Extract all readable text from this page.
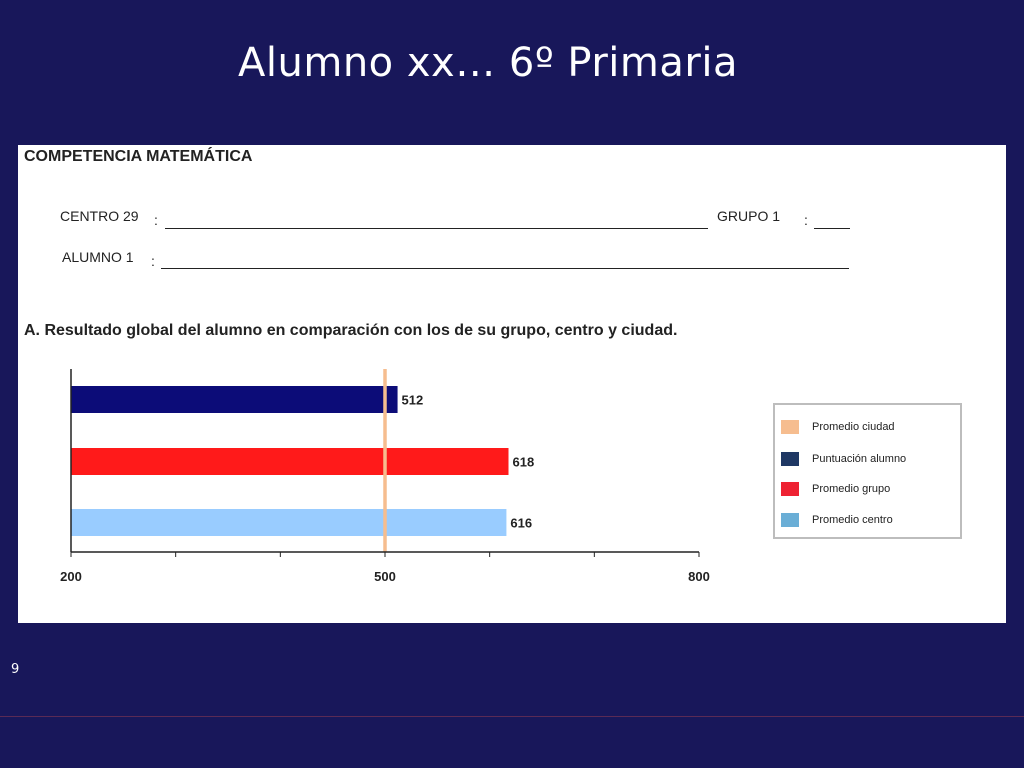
Alumno xx… 6º Primaria
COMPETENCIA MATEMÁTICA
CENTRO 29 :	GRUPO 1 :
ALUMNO 1 :
A. Resultado global del alumno en comparación con los de su grupo, centro y ciudad.
512
618
616
200	500	800
Promedio ciudad
Puntuación alumno
Promedio grupo
Promedio centro
9
